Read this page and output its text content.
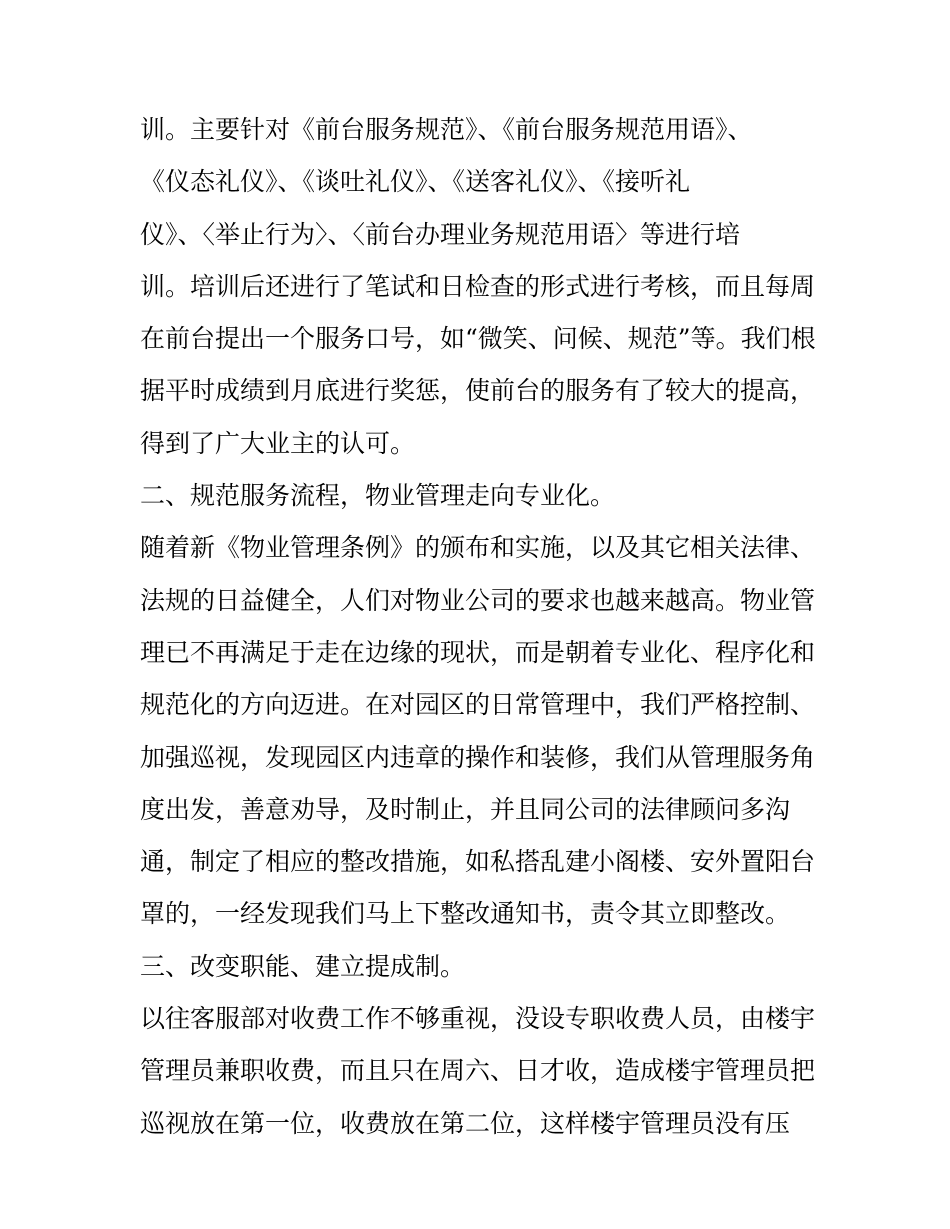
训。主要针对《前台服务规范》、《前台服务规范用语》、
《仪态礼仪》、《谈吐礼仪》、《送客礼仪》、《接听礼
仪》、〈举止行为〉、〈前台办理业务规范用语〉等进行培
训。培训后还进行了笔试和日检查的形式进行考核，而且每周
在前台提出一个服务口号，如“微笑、问候、规范”等。我们根
据平时成绩到月底进行奖惩，使前台的服务有了较大的提高，
得到了广大业主的认可。
二、规范服务流程，物业管理走向专业化。
随着新《物业管理条例》的颁布和实施，以及其它相关法律、
法规的日益健全，人们对物业公司的要求也越来越高。物业管
理已不再满足于走在边缘的现状，而是朝着专业化、程序化和
规范化的方向迈进。在对园区的日常管理中，我们严格控制、
加强巡视，发现园区内违章的操作和装修，我们从管理服务角
度出发，善意劝导，及时制止，并且同公司的法律顾问多沟
通，制定了相应的整改措施，如私搭乱建小阁楼、安外置阳台
罩的，一经发现我们马上下整改通知书，责令其立即整改。
三、改变职能、建立提成制。
以往客服部对收费工作不够重视，没设专职收费人员，由楼宇
管理员兼职收费，而且只在周六、日才收，造成楼宇管理员把
巡视放在第一位，收费放在第二位，这样楼宇管理员没有压
